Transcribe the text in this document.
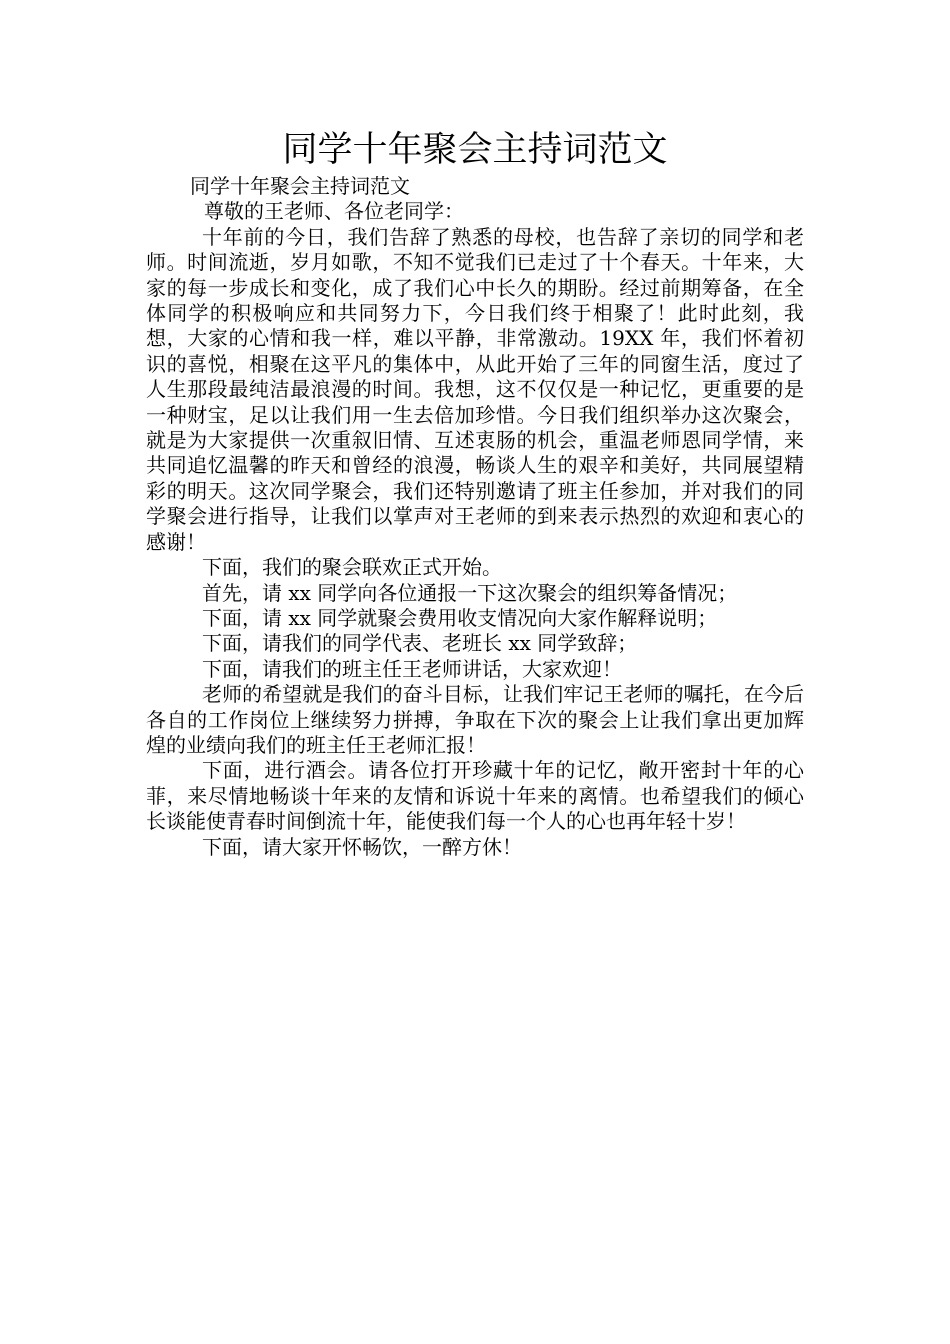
同学十年聚会主持词范文

同学十年聚会主持词范文

尊敬的王老师、各位老同学：

十年前的今日，我们告辞了熟悉的母校，也告辞了亲切的同学和老师。时间流逝，岁月如歌，不知不觉我们已走过了十个春天。十年来，大家的每一步成长和变化，成了我们心中长久的期盼。经过前期筹备，在全体同学的积极响应和共同努力下，今日我们终于相聚了！此时此刻，我想，大家的心情和我一样，难以平静，非常激动。19XX 年，我们怀着初识的喜悦，相聚在这平凡的集体中，从此开始了三年的同窗生活，度过了人生那段最纯洁最浪漫的时间。我想，这不仅仅是一种记忆，更重要的是一种财宝，足以让我们用一生去倍加珍惜。今日我们组织举办这次聚会，就是为大家提供一次重叙旧情、互述衷肠的机会，重温老师恩同学情，来共同追忆温馨的昨天和曾经的浪漫，畅谈人生的艰辛和美好，共同展望精彩的明天。这次同学聚会，我们还特别邀请了班主任参加，并对我们的同学聚会进行指导，让我们以掌声对王老师的到来表示热烈的欢迎和衷心的感谢！

下面，我们的聚会联欢正式开始。

首先，请 xx 同学向各位通报一下这次聚会的组织筹备情况；

下面，请 xx 同学就聚会费用收支情况向大家作解释说明；

下面，请我们的同学代表、老班长 xx 同学致辞；

下面，请我们的班主任王老师讲话，大家欢迎！

老师的希望就是我们的奋斗目标，让我们牢记王老师的嘱托，在今后各自的工作岗位上继续努力拼搏，争取在下次的聚会上让我们拿出更加辉煌的业绩向我们的班主任王老师汇报！

下面，进行酒会。请各位打开珍藏十年的记忆，敞开密封十年的心菲，来尽情地畅谈十年来的友情和诉说十年来的离情。也希望我们的倾心长谈能使青春时间倒流十年，能使我们每一个人的心也再年轻十岁！

下面，请大家开怀畅饮，一醉方休！
